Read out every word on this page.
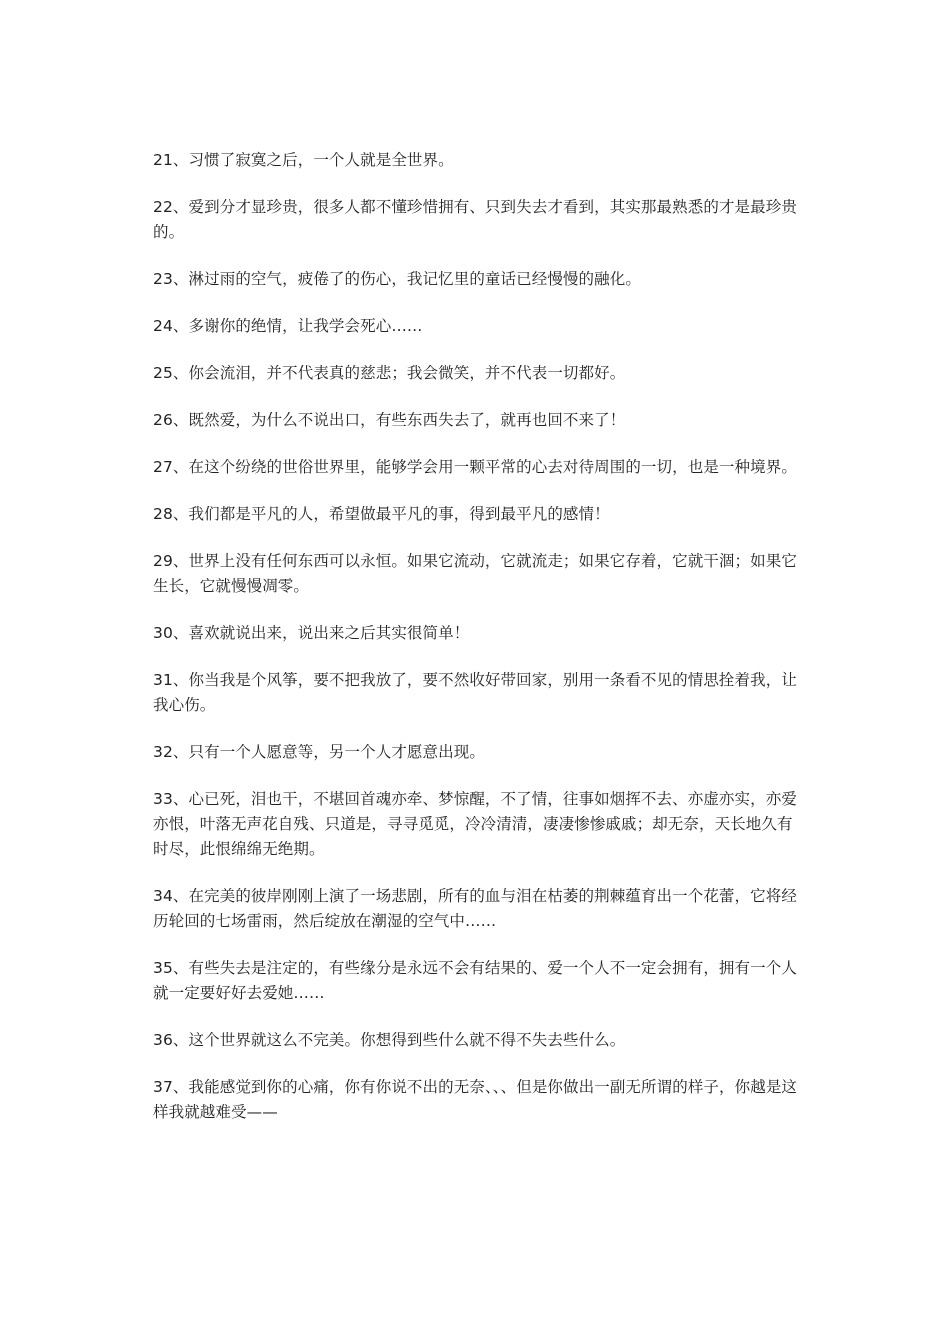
21、习惯了寂寞之后，一个人就是全世界。

22、爱到分才显珍贵，很多人都不懂珍惜拥有、只到失去才看到，其实那最熟悉的才是最珍贵的。

23、淋过雨的空气，疲倦了的伤心，我记忆里的童话已经慢慢的融化。

24、多谢你的绝情，让我学会死心……

25、你会流泪，并不代表真的慈悲；我会微笑，并不代表一切都好。

26、既然爱，为什么不说出口，有些东西失去了，就再也回不来了！

27、在这个纷绕的世俗世界里，能够学会用一颗平常的心去对待周围的一切，也是一种境界。

28、我们都是平凡的人，希望做最平凡的事，得到最平凡的感情！

29、世界上没有任何东西可以永恒。如果它流动，它就流走；如果它存着，它就干涸；如果它生长，它就慢慢凋零。

30、喜欢就说出来，说出来之后其实很简单！

31、你当我是个风筝，要不把我放了，要不然收好带回家，别用一条看不见的情思拴着我，让我心伤。

32、只有一个人愿意等，另一个人才愿意出现。

33、心已死，泪也干，不堪回首魂亦牵、梦惊醒，不了情，往事如烟挥不去、亦虚亦实，亦爱亦恨，叶落无声花自残、只道是，寻寻觅觅，冷冷清清，凄凄惨惨戚戚；却无奈，天长地久有时尽，此恨绵绵无绝期。

34、在完美的彼岸刚刚上演了一场悲剧，所有的血与泪在枯萎的荆棘蕴育出一个花蕾，它将经历轮回的七场雷雨，然后绽放在潮湿的空气中……

35、有些失去是注定的，有些缘分是永远不会有结果的、爱一个人不一定会拥有，拥有一个人就一定要好好去爱她……

36、这个世界就这么不完美。你想得到些什么就不得不失去些什么。

37、我能感觉到你的心痛，你有你说不出的无奈、、、但是你做出一副无所谓的样子，你越是这样我就越难受——
